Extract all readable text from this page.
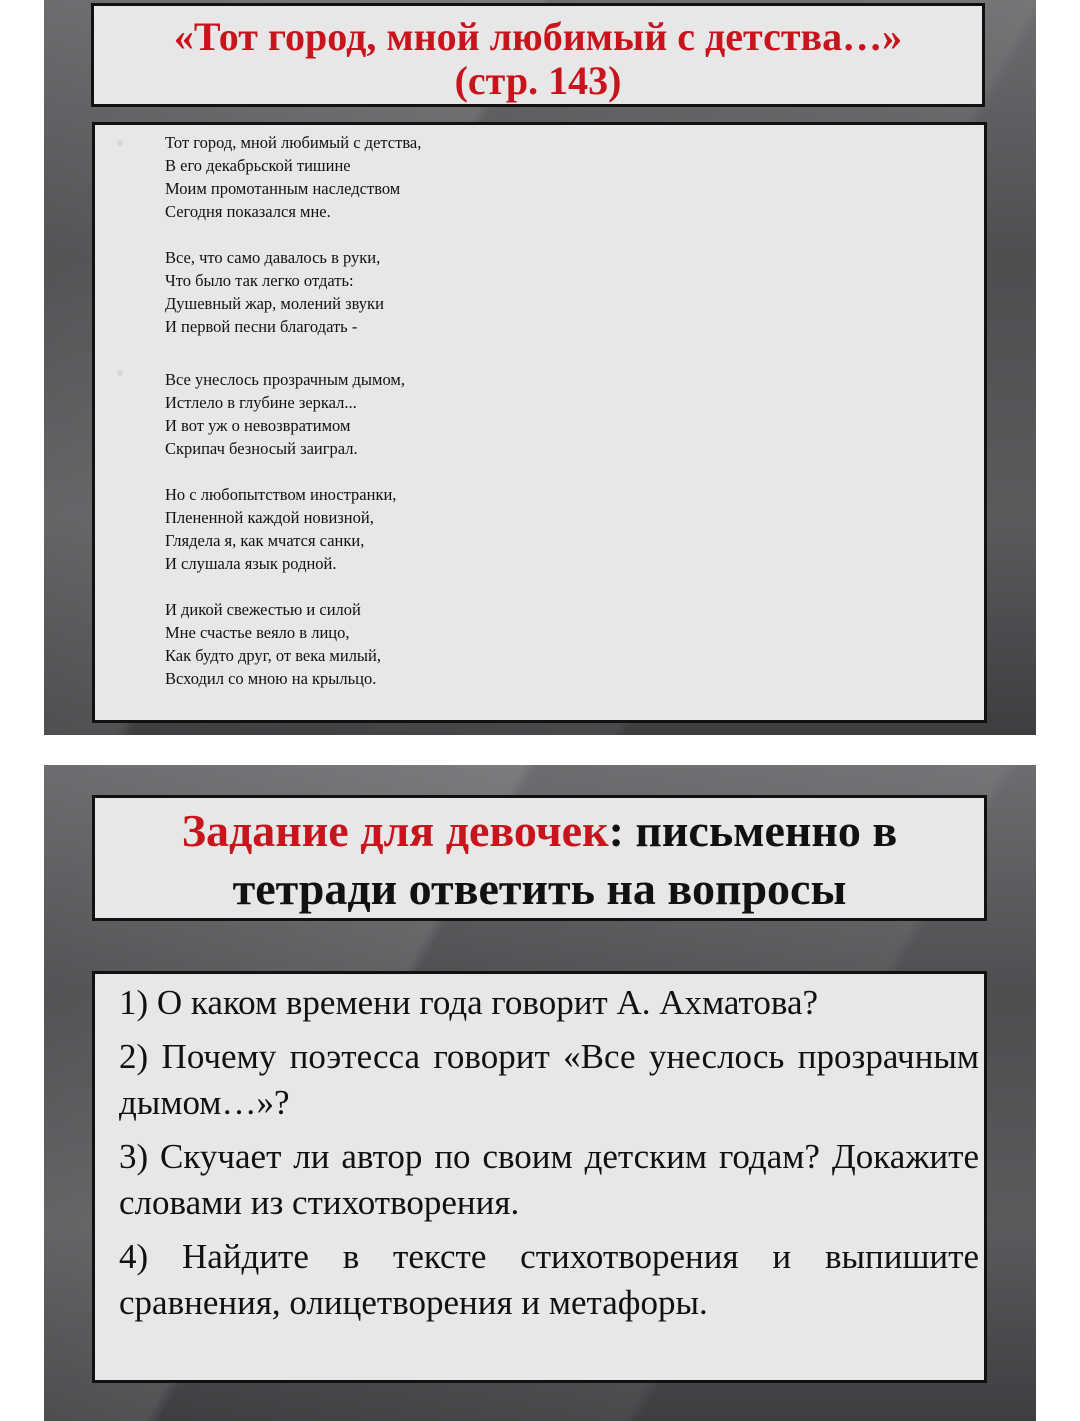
«Тот город, мной любимый с детства…»
(стр. 143)
Тот город, мной любимый с детства,
В его декабрьской тишине
Моим промотанным наследством
Сегодня показался мне.
Все, что само давалось в руки,
Что было так легко отдать:
Душевный жар, молений звуки
И первой песни благодать -
Все унеслось прозрачным дымом,
Истлело в глубине зеркал...
И вот уж о невозвратимом
Скрипач безносый заиграл.
Но с любопытством иностранки,
Плененной каждой новизной,
Глядела я, как мчатся санки,
И слушала язык родной.
И дикой свежестью и силой
Мне счастье веяло в лицо,
Как будто друг, от века милый,
Всходил со мною на крыльцо.
Задание для девочек: письменно в
тетради ответить на вопросы

1) О каком времени года говорит А. Ахматова?

2) Почему поэтесса говорит «Все унеслось прозрачным дымом…»?

3) Скучает ли автор по своим детским годам? Докажите словами из стихотворения.

4) Найдите в тексте стихотворения и выпишите сравнения, олицетворения и метафоры.
